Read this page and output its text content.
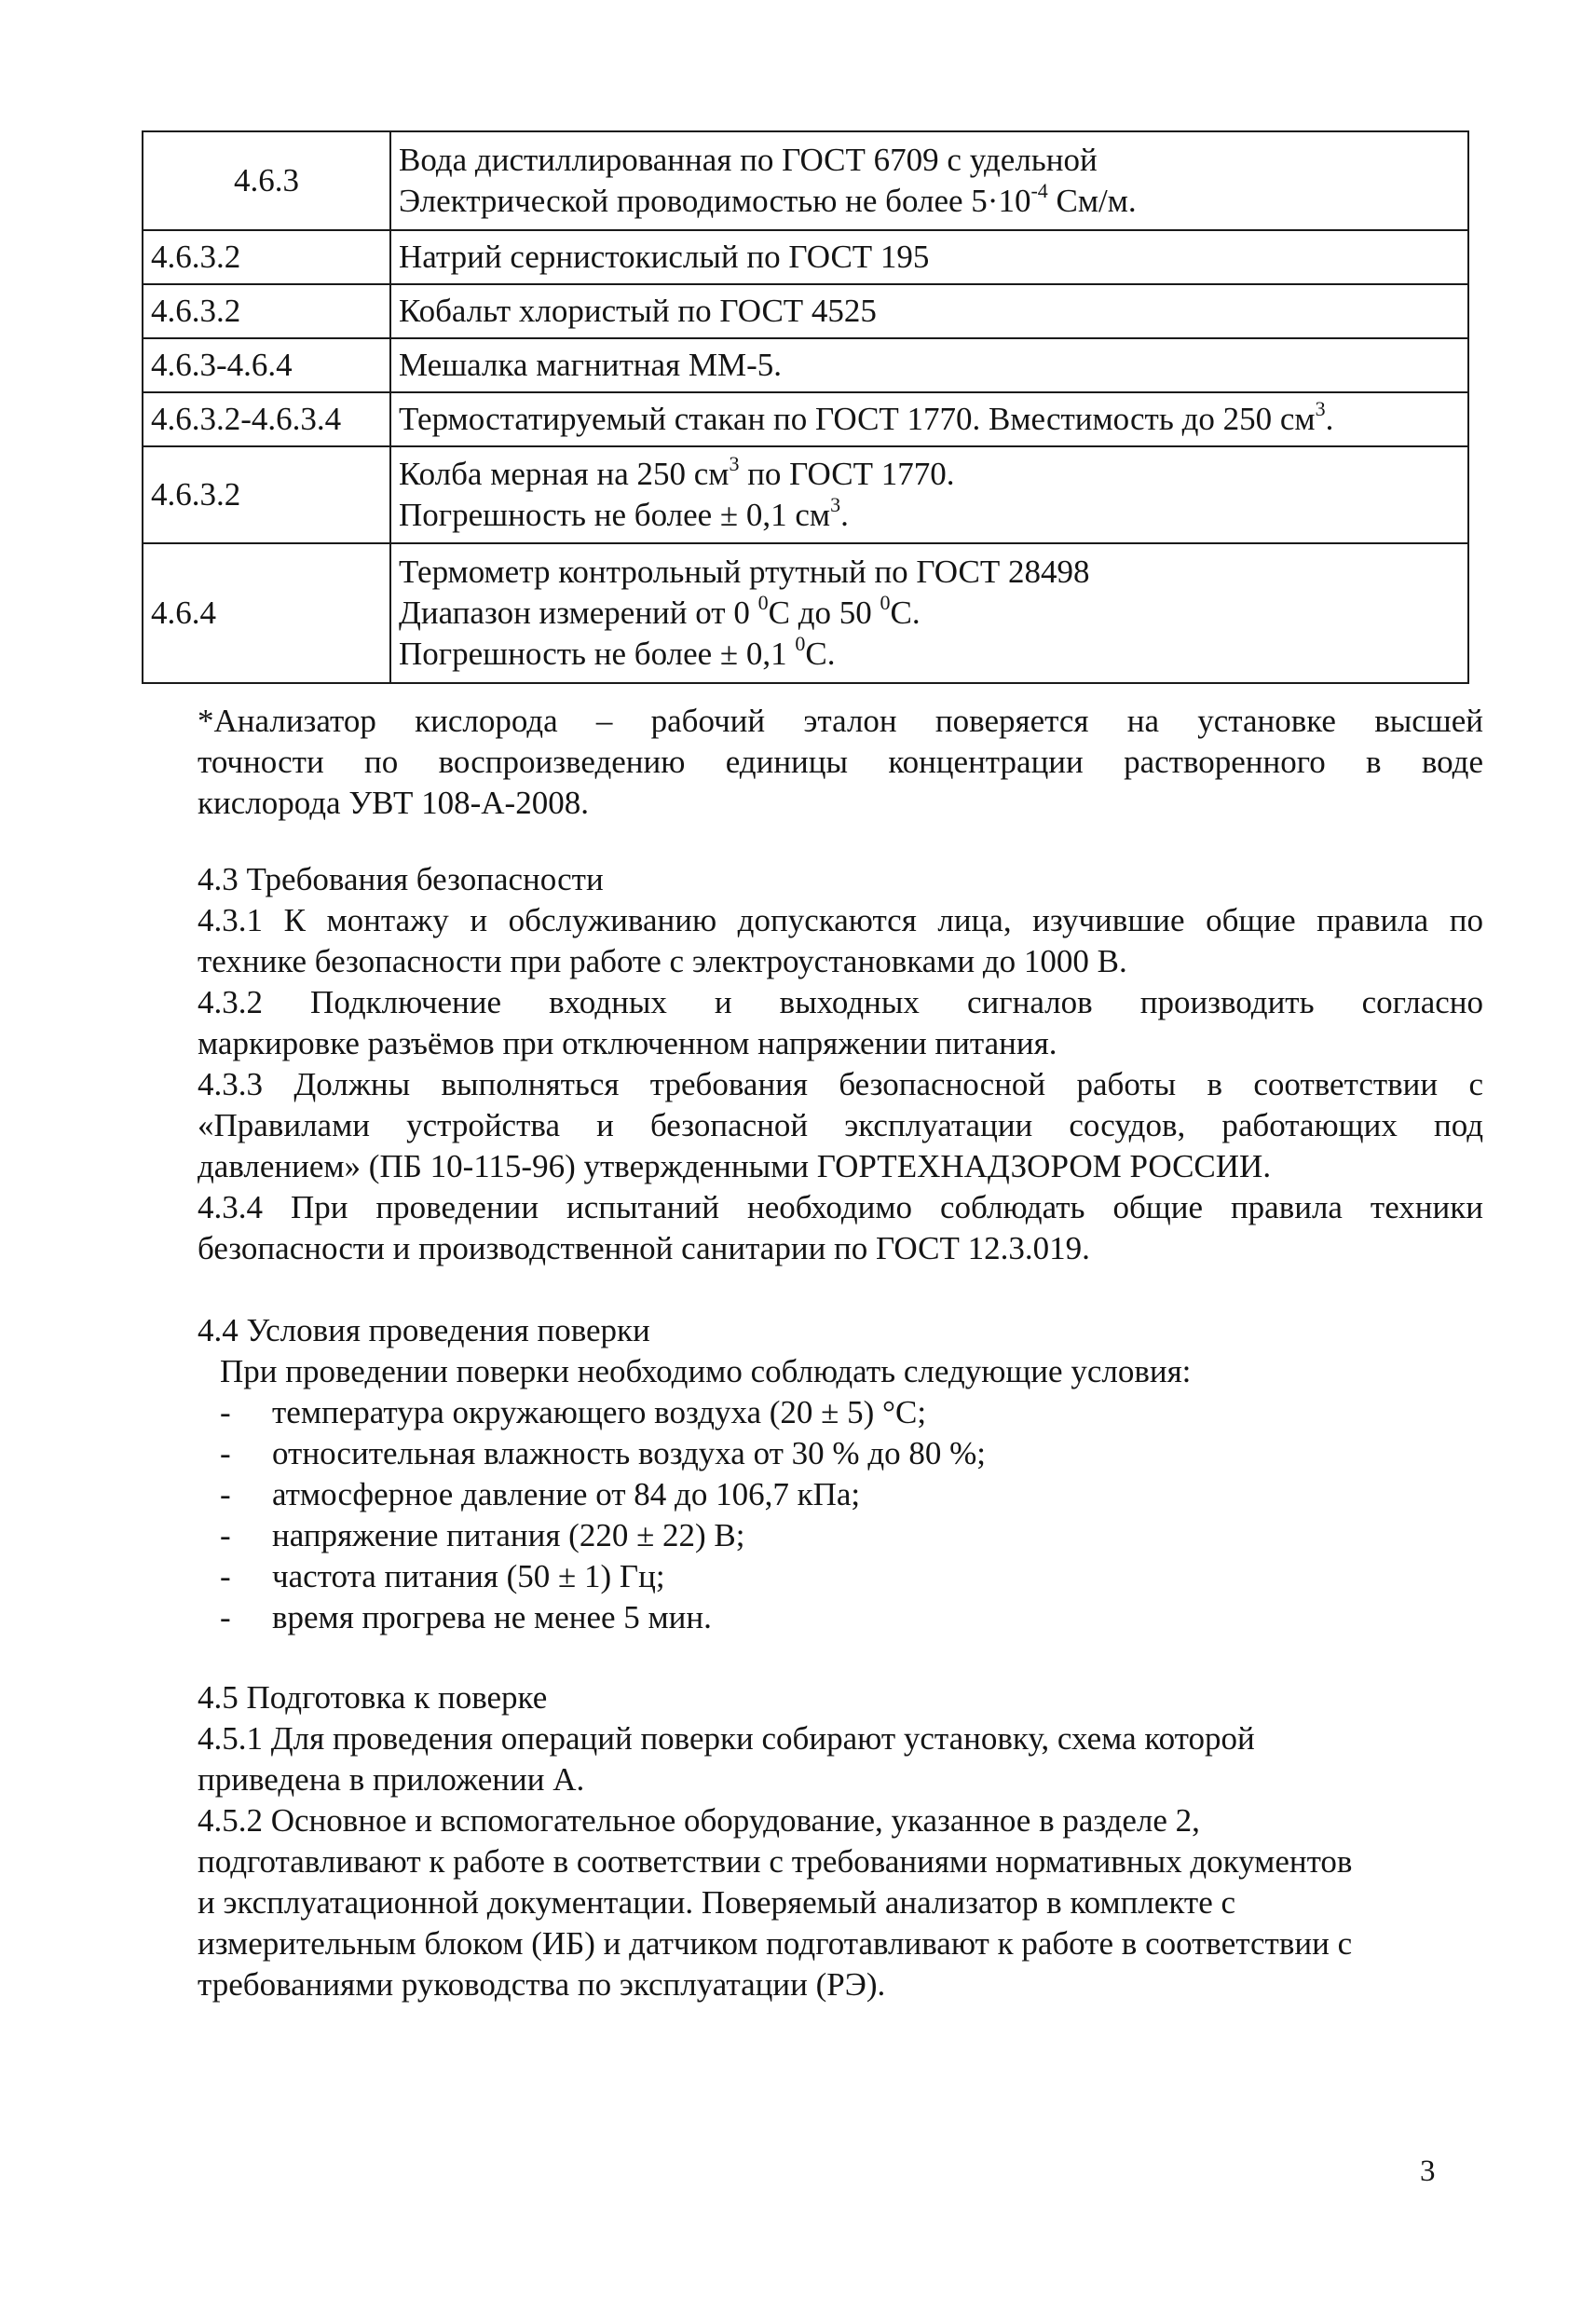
4.6.3	Вода дистиллированная по ГОСТ 6709 с удельной
Электрической проводимостью не более $5\cdot 10^{-4}$ См/м.

4.6.3.2	Натрий сернистокислый по ГОСТ 195
4.6.3.2	Кобальт хлористый по ГОСТ 4525
4.6.3-4.6.4	Мешалка магнитная ММ-5.
4.6.3.2-4.6.3.4	Термостатируемый стакан по ГОСТ 1770. Вместимость до 250 $см^3$.
4.6.3.2	Колба мерная на 250 $см^3$ по ГОСТ 1770.
Погрешность не более ± 0,1 $см^3$.

4.6.4	Термометр контрольный ртутный по ГОСТ 28498
Диапазон измерений от 0 $^0$С до 50 $^0$С.
Погрешность не более ± 0,1 $^0$С.
*Анализатор кислорода – рабочий эталон поверяется на установке высшей
точности по воспроизведению единицы концентрации растворенного в воде
кислорода УВТ 108-А-2008.
4.3 Требования безопасности
4.3.1 К монтажу и обслуживанию допускаются лица, изучившие общие правила по
технике безопасности при работе с электроустановками до 1000 В.
4.3.2 Подключение входных и выходных сигналов производить согласно
маркировке разъёмов при отключенном напряжении питания.
4.3.3 Должны выполняться требования безопасносной работы в соответствии с
«Правилами устройства и безопасной эксплуатации сосудов, работающих под
давлением» (ПБ 10-115-96) утвержденными ГОРТЕХНАДЗОРОМ РОССИИ.
4.3.4 При проведении испытаний необходимо соблюдать общие правила техники
безопасности и производственной санитарии по ГОСТ 12.3.019.
4.4 Условия проведения поверки
При проведении поверки необходимо соблюдать следующие условия:
- температура окружающего воздуха (20 ± 5) °С;
- относительная влажность воздуха от 30 % до 80 %;
- атмосферное давление от 84 до 106,7 кПа;
- напряжение питания (220 ± 22) В;
- частота питания (50 ± 1) Гц;
- время прогрева не менее 5 мин.
4.5 Подготовка к поверке
4.5.1 Для проведения операций поверки собирают установку, схема которой
приведена в приложении А.
4.5.2 Основное и вспомогательное оборудование, указанное в разделе 2,
подготавливают к работе в соответствии с требованиями нормативных документов
и эксплуатационной документации. Поверяемый анализатор в комплекте с
измерительным блоком (ИБ) и датчиком подготавливают к работе в соответствии с
требованиями руководства по эксплуатации (РЭ).
3
